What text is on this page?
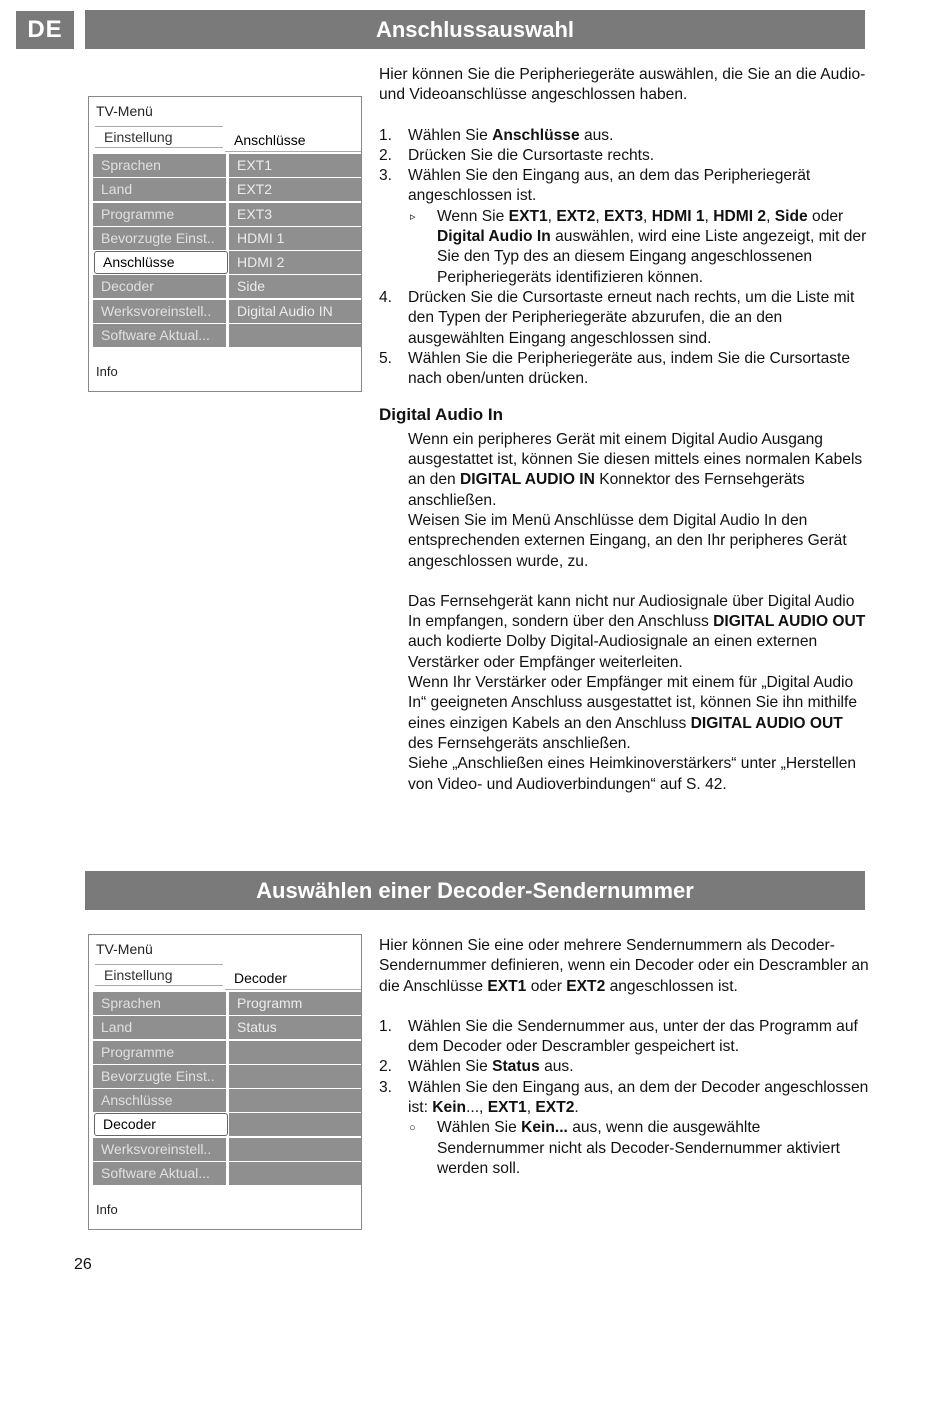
DE	Anschlussauswahl
TV-Menü
Einstellung	Anschlüsse
Sprachen	EXT1
Land	EXT2
Programme	EXT3
Bevorzugte Einst..	HDMI 1
Anschlüsse	HDMI 2
Decoder	Side
Werksvoreinstell..	Digital Audio IN
Software Aktual...
Info

Hier können Sie die Peripheriegeräte auswählen, die Sie an die Audio- und Videoanschlüsse angeschlossen haben.

1. Wählen Sie Anschlüsse aus.
2. Drücken Sie die Cursortaste rechts.
3. Wählen Sie den Eingang aus, an dem das Peripheriegerät angeschlossen ist.
▹ Wenn Sie EXT1, EXT2, EXT3, HDMI 1, HDMI 2, Side oder Digital Audio In auswählen, wird eine Liste angezeigt, mit der Sie den Typ des an diesem Eingang angeschlossenen Peripheriegeräts identifizieren können.
4. Drücken Sie die Cursortaste erneut nach rechts, um die Liste mit den Typen der Peripheriegeräte abzurufen, die an den ausgewählten Eingang angeschlossen sind.
5. Wählen Sie die Peripheriegeräte aus, indem Sie die Cursortaste nach oben/unten drücken.

Digital Audio In

Wenn ein peripheres Gerät mit einem Digital Audio Ausgang ausgestattet ist, können Sie diesen mittels eines normalen Kabels an den DIGITAL AUDIO IN Konnektor des Fernsehgeräts anschließen.

Weisen Sie im Menü Anschlüsse dem Digital Audio In den entsprechenden externen Eingang, an den Ihr peripheres Gerät angeschlossen wurde, zu.

Das Fernsehgerät kann nicht nur Audiosignale über Digital Audio In empfangen, sondern über den Anschluss DIGITAL AUDIO OUT auch kodierte Dolby Digital-Audiosignale an einen externen Verstärker oder Empfänger weiterleiten.

Wenn Ihr Verstärker oder Empfänger mit einem für „Digital Audio In“ geeigneten Anschluss ausgestattet ist, können Sie ihn mithilfe eines einzigen Kabels an den Anschluss DIGITAL AUDIO OUT des Fernsehgeräts anschließen.

Siehe „Anschließen eines Heimkinoverstärkers“ unter „Herstellen von Video- und Audioverbindungen“ auf S. 42.

Auswählen einer Decoder-Sendernummer
TV-Menü
Einstellung	Decoder
Sprachen	Programm
Land	Status
Programme
Bevorzugte Einst..
Anschlüsse
Decoder
Werksvoreinstell..
Software Aktual...
Info

Hier können Sie eine oder mehrere Sendernummern als Decoder-Sendernummer definieren, wenn ein Decoder oder ein Descrambler an die Anschlüsse EXT1 oder EXT2 angeschlossen ist.

1. Wählen Sie die Sendernummer aus, unter der das Programm auf dem Decoder oder Descrambler gespeichert ist.
2. Wählen Sie Status aus.
3. Wählen Sie den Eingang aus, an dem der Decoder angeschlossen ist: Kein..., EXT1, EXT2.
○ Wählen Sie Kein... aus, wenn die ausgewählte Sendernummer nicht als Decoder-Sendernummer aktiviert werden soll.
26
